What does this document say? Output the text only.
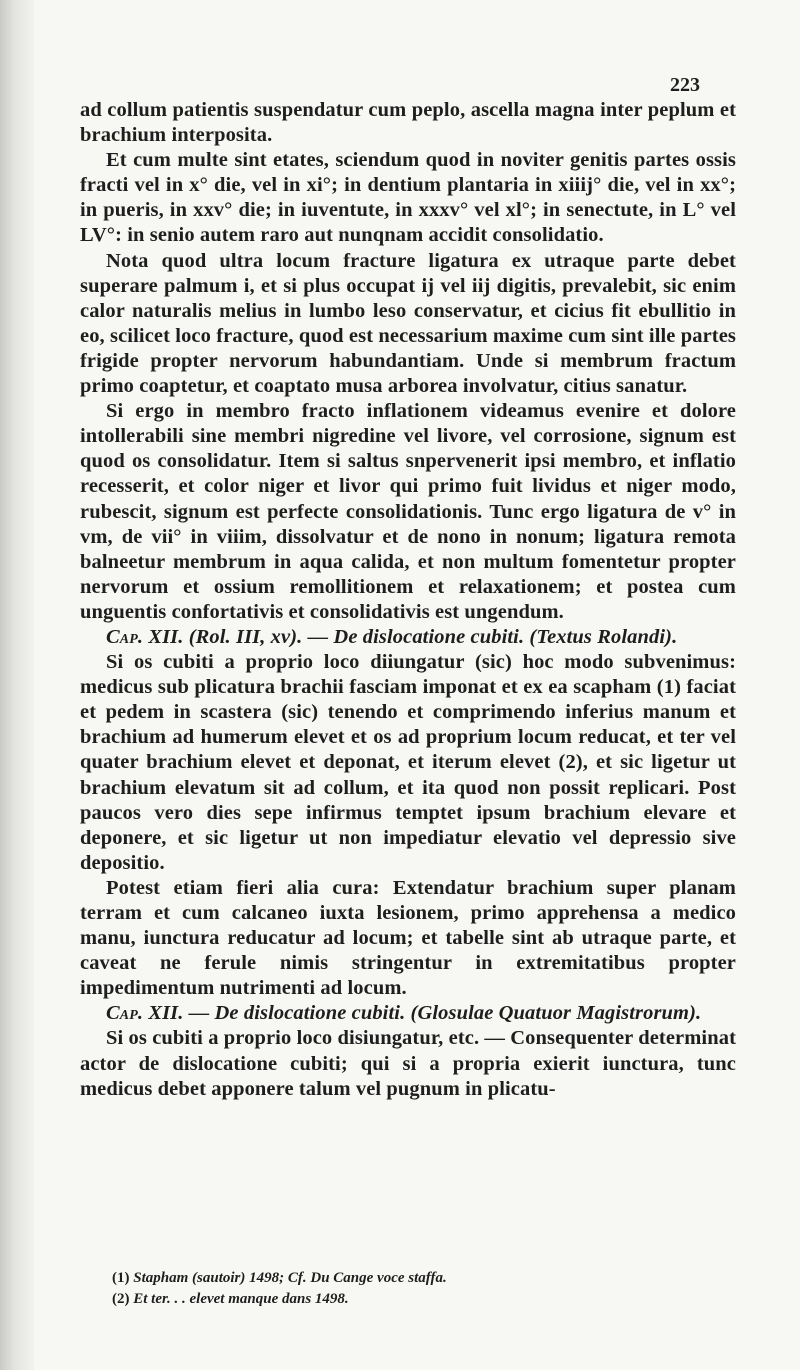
223

ad collum patientis suspendatur cum peplo, ascella magna inter peplum et brachium interposita.

Et cum multe sint etates, sciendum quod in noviter genitis partes ossis fracti vel in x° die, vel in xi°; in dentium plantaria in xiiij° die, vel in xx°; in pueris, in xxv° die; in iuventute, in xxxv° vel xl°; in senectute, in L° vel LV°: in senio autem raro aut nunqnam accidit consolidatio.

Nota quod ultra locum fracture ligatura ex utraque parte debet superare palmum i, et si plus occupat ij vel iij digitis, prevalebit, sic enim calor naturalis melius in lumbo leso conservatur, et cicius fit ebullitio in eo, scilicet loco fracture, quod est necessarium maxime cum sint ille partes frigide propter nervorum habundantiam. Unde si membrum fractum primo coaptetur, et coaptato musa arborea involvatur, citius sanatur.

Si ergo in membro fracto inflationem videamus evenire et dolore intollerabili sine membri nigredine vel livore, vel corrosione, signum est quod os consolidatur. Item si saltus snpervenerit ipsi membro, et inflatio recesserit, et color niger et livor qui primo fuit lividus et niger modo, rubescit, signum est perfecte consolidationis. Tunc ergo ligatura de v° in vm, de vii° in viiim, dissolvatur et de nono in nonum; ligatura remota balneetur membrum in aqua calida, et non multum fomentetur propter nervorum et ossium remollitionem et relaxationem; et postea cum unguentis confortativis et consolidativis est ungendum.

Cap. XII. (Rol. III, xv). — De dislocatione cubiti. (Textus Rolandi).

Si os cubiti a proprio loco diiungatur (sic) hoc modo subvenimus: medicus sub plicatura brachii fasciam imponat et ex ea scapham (1) faciat et pedem in scastera (sic) tenendo et comprimendo inferius manum et brachium ad humerum elevet et os ad proprium locum reducat, et ter vel quater brachium elevet et deponat, et iterum elevet (2), et sic ligetur ut brachium elevatum sit ad collum, et ita quod non possit replicari. Post paucos vero dies sepe infirmus temptet ipsum brachium elevare et deponere, et sic ligetur ut non impediatur elevatio vel depressio sive depositio.

Potest etiam fieri alia cura: Extendatur brachium super planam terram et cum calcaneo iuxta lesionem, primo apprehensa a medico manu, iunctura reducatur ad locum; et tabelle sint ab utraque parte, et caveat ne ferule nimis stringentur in extremitatibus propter impedimentum nutrimenti ad locum.

Cap. XII. — De dislocatione cubiti. (Glosulae Quatuor Magistrorum).

Si os cubiti a proprio loco disiungatur, etc. — Consequenter determinat actor de dislocatione cubiti; qui si a propria exierit iunctura, tunc medicus debet apponere talum vel pugnum in plicatu-

(1) Stapham (sautoir) 1498; Cf. Du Cange voce staffa.

(2) Et ter. . . elevet manque dans 1498.
